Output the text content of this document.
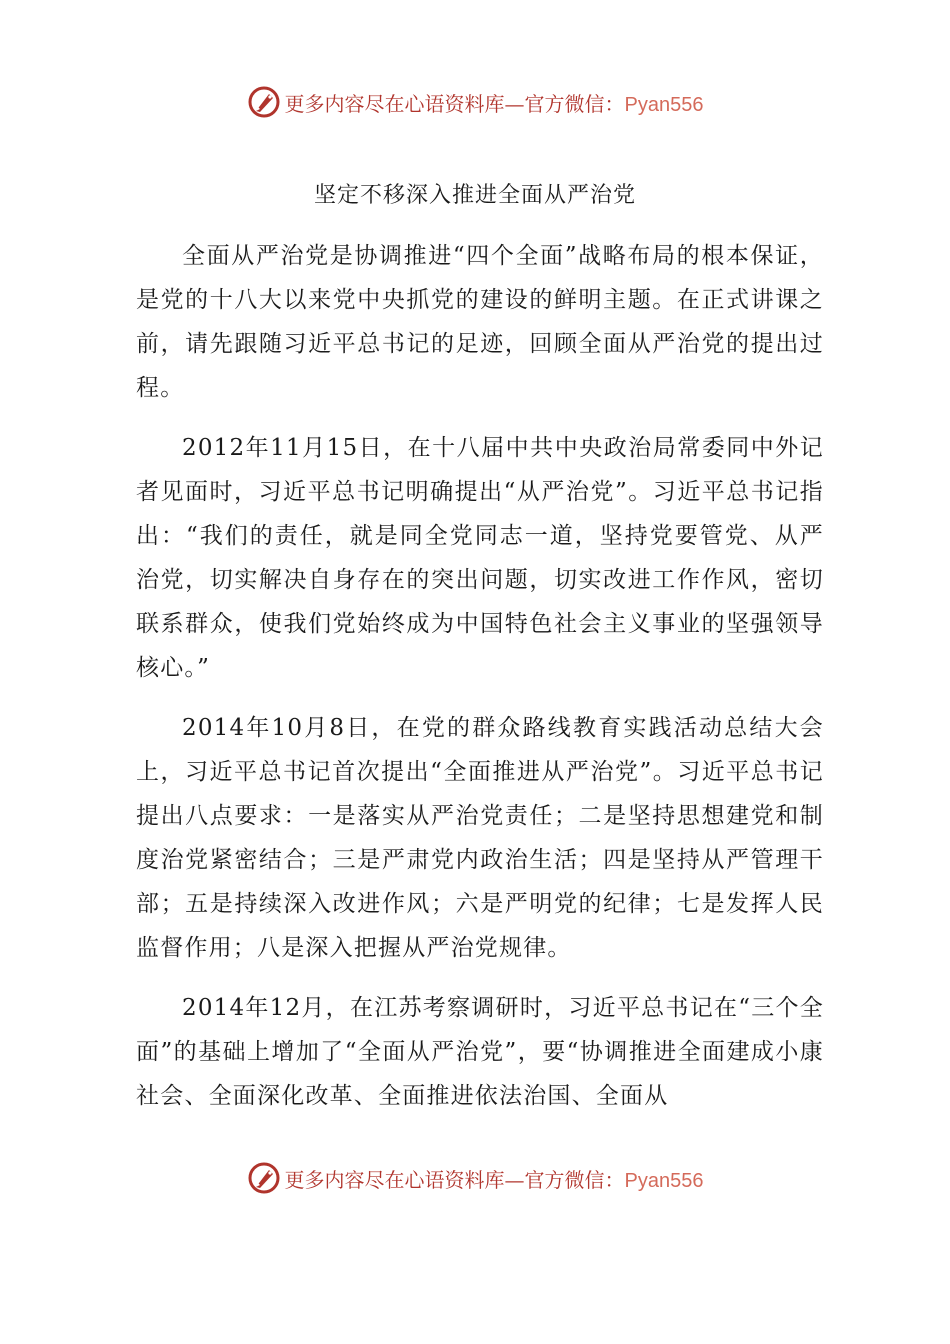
更多内容尽在心语资料库—官方微信：Pyan556
坚定不移深入推进全面从严治党

全面从严治党是协调推进“四个全面”战略布局的根本保证，是党的十八大以来党中央抓党的建设的鲜明主题。在正式讲课之前，请先跟随习近平总书记的足迹，回顾全面从严治党的提出过程。

2012年11月15日，在十八届中共中央政治局常委同中外记者见面时，习近平总书记明确提出“从严治党”。习近平总书记指出：“我们的责任，就是同全党同志一道，坚持党要管党、从严治党，切实解决自身存在的突出问题，切实改进工作作风，密切联系群众，使我们党始终成为中国特色社会主义事业的坚强领导核心。”

2014年10月8日，在党的群众路线教育实践活动总结大会上，习近平总书记首次提出“全面推进从严治党”。习近平总书记提出八点要求：一是落实从严治党责任；二是坚持思想建党和制度治党紧密结合；三是严肃党内政治生活；四是坚持从严管理干部；五是持续深入改进作风；六是严明党的纪律；七是发挥人民监督作用；八是深入把握从严治党规律。

2014年12月，在江苏考察调研时，习近平总书记在“三个全面”的基础上增加了“全面从严治党”，要“协调推进全面建成小康社会、全面深化改革、全面推进依法治国、全面从

更多内容尽在心语资料库—官方微信：Pyan556
